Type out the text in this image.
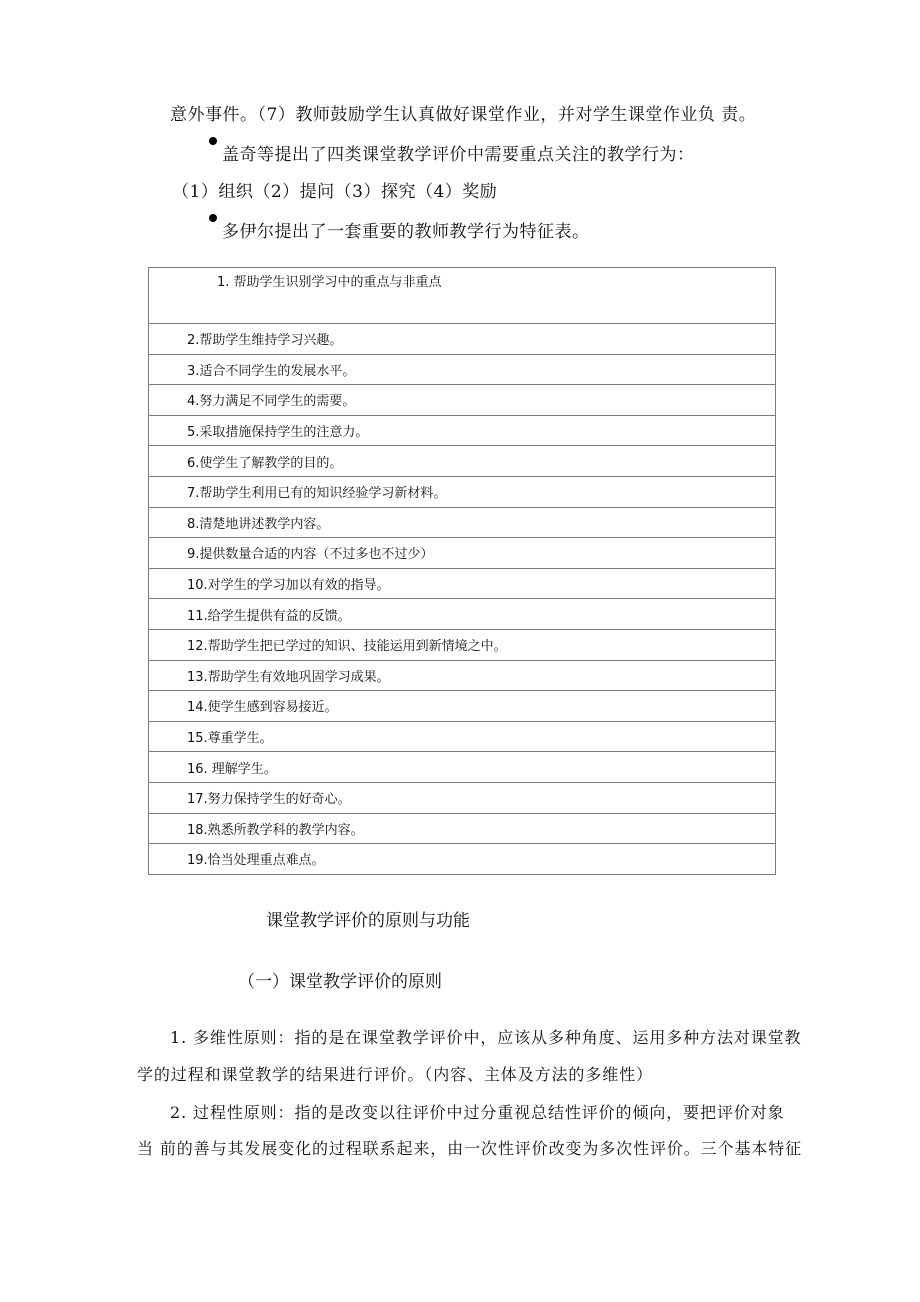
意外事件。（7）教师鼓励学生认真做好课堂作业，并对学生课堂作业负 责。
盖奇等提出了四类课堂教学评价中需要重点关注的教学行为：
（1）组织（2）提问（3）探究（4）奖励
多伊尔提出了一套重要的教师教学行为特征表。
1. 帮助学生识别学习中的重点与非重点
2.帮助学生维持学习兴趣。
3.适合不同学生的发展水平。
4.努力满足不同学生的需要。
5.采取措施保持学生的注意力。
6.使学生了解教学的目的。
7.帮助学生利用已有的知识经验学习新材料。
8.清楚地讲述教学内容。
9.提供数量合适的内容（不过多也不过少）
10.对学生的学习加以有效的指导。
11.给学生提供有益的反馈。
12.帮助学生把已学过的知识、技能运用到新情境之中。
13.帮助学生有效地巩固学习成果。
14.使学生感到容易接近。
15.尊重学生。
16. 理解学生。
17.努力保持学生的好奇心。
18.熟悉所教学科的教学内容。
19.恰当处理重点难点。
课堂教学评价的原则与功能
（一）课堂教学评价的原则
1. 多维性原则：指的是在课堂教学评价中，应该从多种角度、运用多种方法对课堂教
学的过程和课堂教学的结果进行评价。（内容、主体及方法的多维性）
2. 过程性原则：指的是改变以往评价中过分重视总结性评价的倾向，要把评价对象
当 前的善与其发展变化的过程联系起来，由一次性评价改变为多次性评价。三个基本特征
